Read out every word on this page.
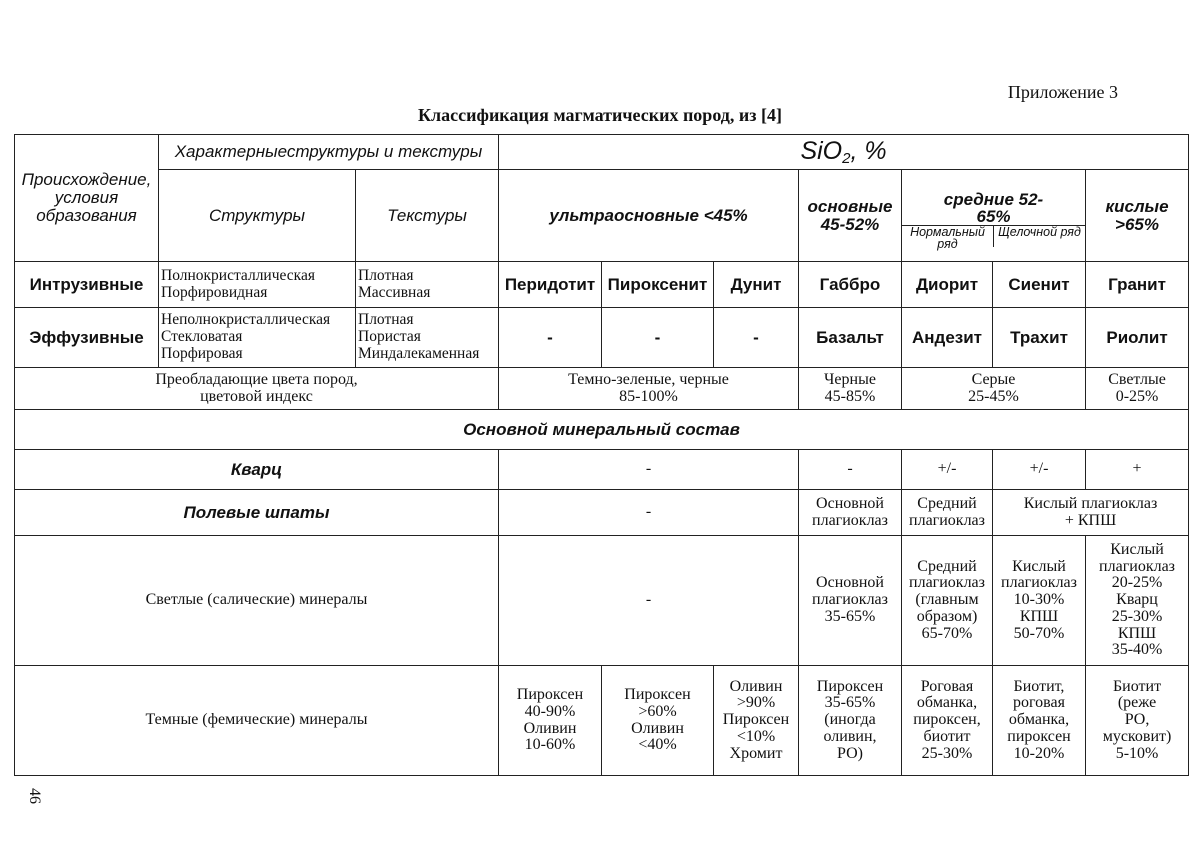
Приложение 3
Классификация магматических пород, из [4]
46
Происхождение, условия образования	Характерныеструктуры и текстуры	SiO2, %
Структуры	Текстуры	ультраосновные <45%	основные 45-52%	
средние 52-65%
Нормальный ряд
Щелочной ряд
	кислые >65%
Интрузивные	Полнокристаллическая
Порфировидная

Плотная
Массивная	Перидотит	Пироксенит	Дунит	Габбро	Диорит	Сиенит	Гранит
Эффузивные	
Неполнокристаллическая
Стекловатая
Порфировая

Плотная
Пористая
Миндалекаменная
	-	-	-	Базальт	Андезит	Трахит	Риолит

Преобладающие цвета пород,
цветовой индекс

Темно-зеленые, черные
85-100%

Черные
45-85%

Серые
25-45%

Светлые
0-25%

Основной минеральный состав
Кварц	-	-	+/-	+/-	+
Полевые шпаты	-	Основной
плагиоклаз

Средний
плагиоклаз

Кислый плагиоклаз
+ КПШ

Светлые (салические) минералы	-	
Основной
плагиоклаз
35-65%

Средний
плагиоклаз
(главным
образом)
65-70%

Кислый
плагиоклаз
10-30%
КПШ
50-70%

Кислый
плагиоклаз
20-25%
Кварц
25-30%
КПШ
35-40%

Темные (фемические) минералы	
Пироксен
40-90%
Оливин
10-60%

Пироксен
>60%
Оливин
<40%

Оливин
>90%
Пироксен
<10%
Хромит

Пироксен
35-65%
(иногда
оливин,
РО)

Роговая
обманка,
пироксен,
биотит
25-30%

Биотит,
роговая
обманка,
пироксен
10-20%

Биотит
(реже
РО,
мусковит)
5-10%
